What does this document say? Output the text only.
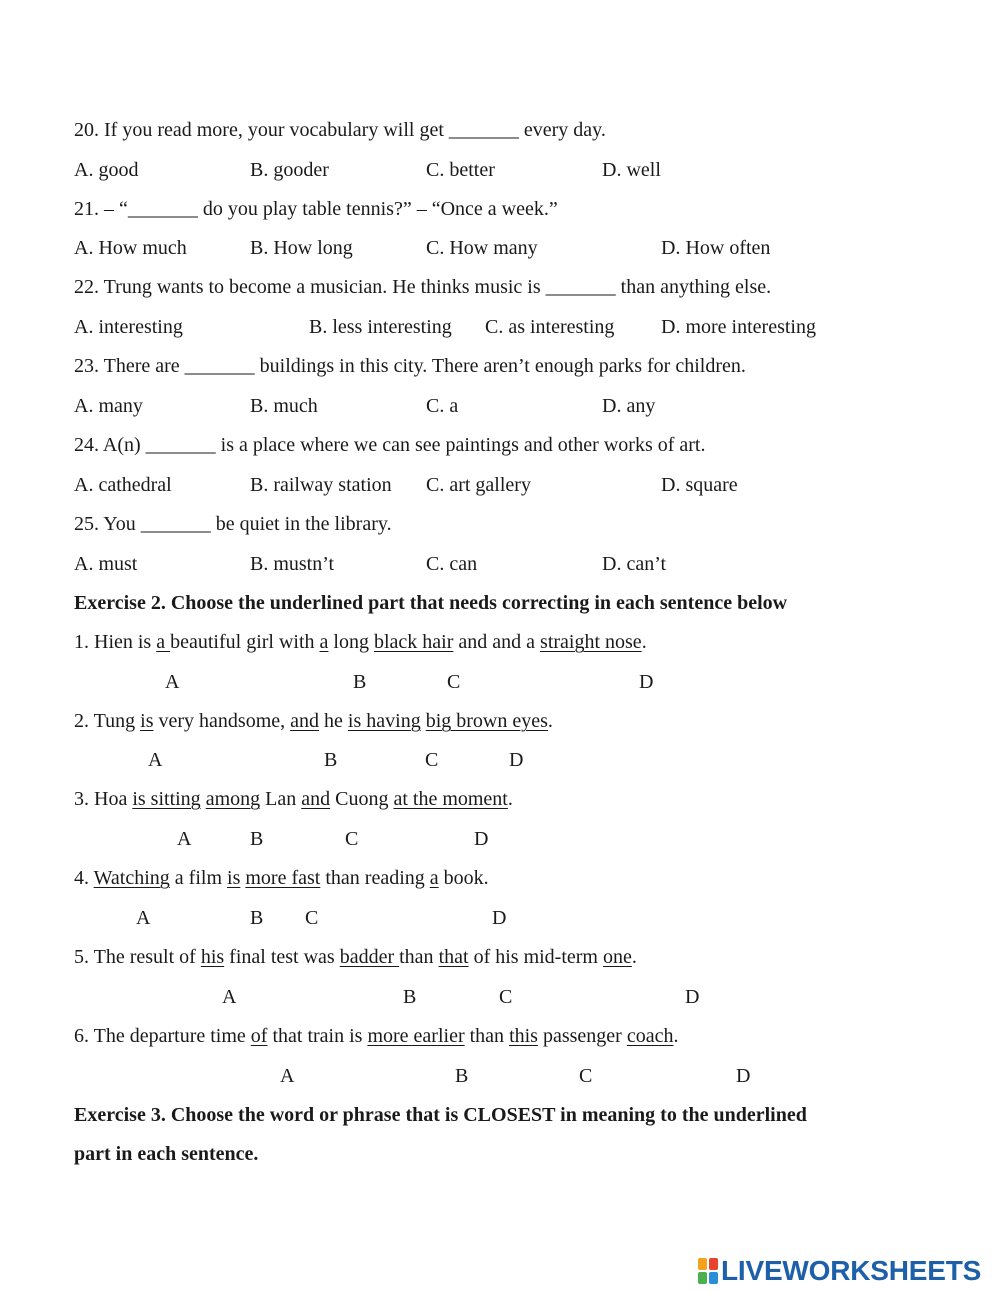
20. If you read more, your vocabulary will get _______ every day.
A. good	B. gooder	C. better	D. well
21. – “_______ do you play table tennis?” – “Once a week.”
A. How much	B. How long	C. How many	D. How often
22. Trung wants to become a musician. He thinks music is _______ than anything else.
A. interesting	B. less interesting C. as interesting D. more interesting
23. There are _______ buildings in this city. There aren’t enough parks for children.
A. many	B. much	C. a	D. any
24. A(n) _______ is a place where we can see paintings and other works of art.
A. cathedral	B. railway station C. art gallery	D. square
25. You _______ be quiet in the library.
A. must	B. mustn’t	C. can	D. can’t
Exercise 2. Choose the underlined part that needs correcting in each sentence below
1. Hien is a beautiful girl with a long black hair and and a straight nose.
A	B	C	D
2. Tung is very handsome, and he is having big brown eyes.
A	B	C	D
3. Hoa is sitting among Lan and Cuong at the moment.
A	B	C	D
4. Watching a film is more fast than reading a book.
A	B C	D
5. The result of his final test was badder than that of his mid-term one.
A	B	C	D
6. The departure time of that train is more earlier than this passenger coach.
A	B	C	D
Exercise 3. Choose the word or phrase that is CLOSEST in meaning to the underlined
part in each sentence.
LIVEWORKSHEETS
